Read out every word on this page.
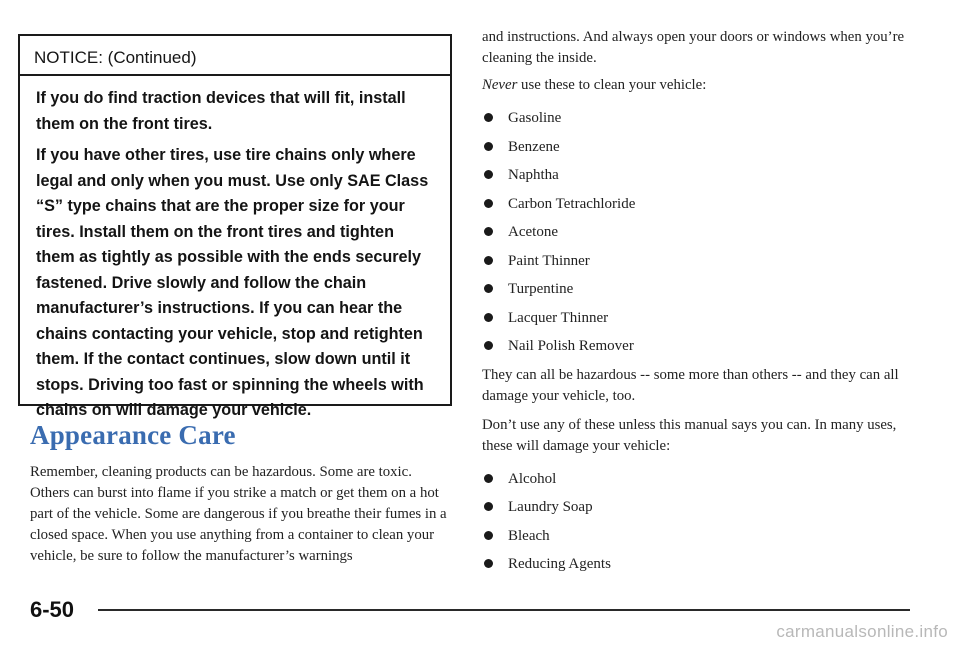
NOTICE: (Continued)

If you do find traction devices that will fit, install them on the front tires.

If you have other tires, use tire chains only where legal and only when you must. Use only SAE Class “S” type chains that are the proper size for your tires. Install them on the front tires and tighten them as tightly as possible with the ends securely fastened. Drive slowly and follow the chain manufacturer’s instructions. If you can hear the chains contacting your vehicle, stop and retighten them. If the contact continues, slow down until it stops. Driving too fast or spinning the wheels with chains on will damage your vehicle.

Appearance Care

Remember, cleaning products can be hazardous. Some are toxic. Others can burst into flame if you strike a match or get them on a hot part of the vehicle. Some are dangerous if you breathe their fumes in a closed space. When you use anything from a container to clean your vehicle, be sure to follow the manufacturer’s warnings

and instructions. And always open your doors or windows when you’re cleaning the inside.

Never use these to clean your vehicle:

Gasoline
Benzene
Naphtha
Carbon Tetrachloride
Acetone
Paint Thinner
Turpentine
Lacquer Thinner
Nail Polish Remover

They can all be hazardous -- some more than others -- and they can all damage your vehicle, too.

Don’t use any of these unless this manual says you can. In many uses, these will damage your vehicle:

Alcohol
Laundry Soap
Bleach
Reducing Agents
6-50
carmanualsonline.info
